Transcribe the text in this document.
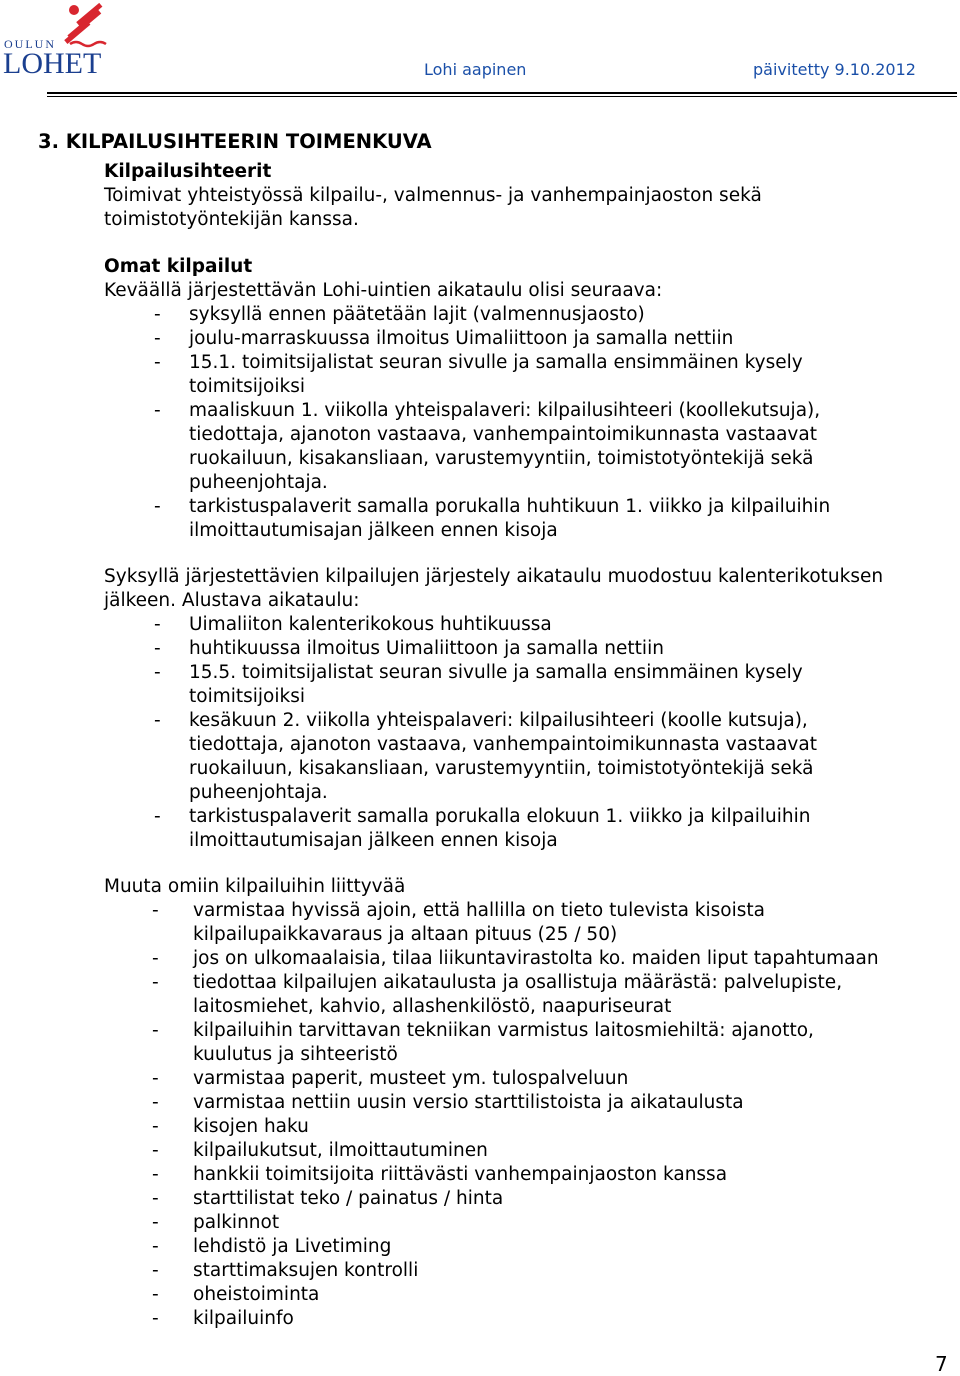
OULUN
LOHET	Lohi aapinen	päivitetty 9.10.2012
3. KILPAILUSIHTEERIN TOIMENKUVA
Kilpailusihteerit
Toimivat yhteistyössä kilpailu-, valmennus- ja vanhempainjaoston sekä
toimistotyöntekijän kanssa.
Omat kilpailut
Keväällä järjestettävän Lohi-uintien aikataulu olisi seuraava:
- syksyllä ennen päätetään lajit (valmennusjaosto)
- joulu-marraskuussa ilmoitus Uimaliittoon ja samalla nettiin
- 15.1. toimitsijalistat seuran sivulle ja samalla ensimmäinen kysely
toimitsijoiksi
- maaliskuun 1. viikolla yhteispalaveri: kilpailusihteeri (koollekutsuja),
tiedottaja, ajanoton vastaava, vanhempaintoimikunnasta vastaavat
ruokailuun, kisakansliaan, varustemyyntiin, toimistotyöntekijä sekä
puheenjohtaja.
- tarkistuspalaverit samalla porukalla huhtikuun 1. viikko ja kilpailuihin
ilmoittautumisajan jälkeen ennen kisoja
Syksyllä järjestettävien kilpailujen järjestely aikataulu muodostuu kalenterikotuksen
jälkeen. Alustava aikataulu:
- Uimaliiton kalenterikokous huhtikuussa
- huhtikuussa ilmoitus Uimaliittoon ja samalla nettiin
- 15.5. toimitsijalistat seuran sivulle ja samalla ensimmäinen kysely
toimitsijoiksi
- kesäkuun 2. viikolla yhteispalaveri: kilpailusihteeri (koolle kutsuja),
tiedottaja, ajanoton vastaava, vanhempaintoimikunnasta vastaavat
ruokailuun, kisakansliaan, varustemyyntiin, toimistotyöntekijä sekä
puheenjohtaja.
- tarkistuspalaverit samalla porukalla elokuun 1. viikko ja kilpailuihin
ilmoittautumisajan jälkeen ennen kisoja
Muuta omiin kilpailuihin liittyvää
- varmistaa hyvissä ajoin, että hallilla on tieto tulevista kisoista
kilpailupaikkavaraus ja altaan pituus (25 / 50)
- jos on ulkomaalaisia, tilaa liikuntavirastolta ko. maiden liput tapahtumaan
- tiedottaa kilpailujen aikataulusta ja osallistuja määrästä: palvelupiste,
laitosmiehet, kahvio, allashenkilöstö, naapuriseurat
- kilpailuihin tarvittavan tekniikan varmistus laitosmiehiltä: ajanotto,
kuulutus ja sihteeristö
- varmistaa paperit, musteet ym. tulospalveluun
- varmistaa nettiin uusin versio starttilistoista ja aikataulusta
- kisojen haku
- kilpailukutsut, ilmoittautuminen
- hankkii toimitsijoita riittävästi vanhempainjaoston kanssa
- starttilistat teko / painatus / hinta
- palkinnot
- lehdistö ja Livetiming
- starttimaksujen kontrolli
- oheistoiminta
- kilpailuinfo
7
